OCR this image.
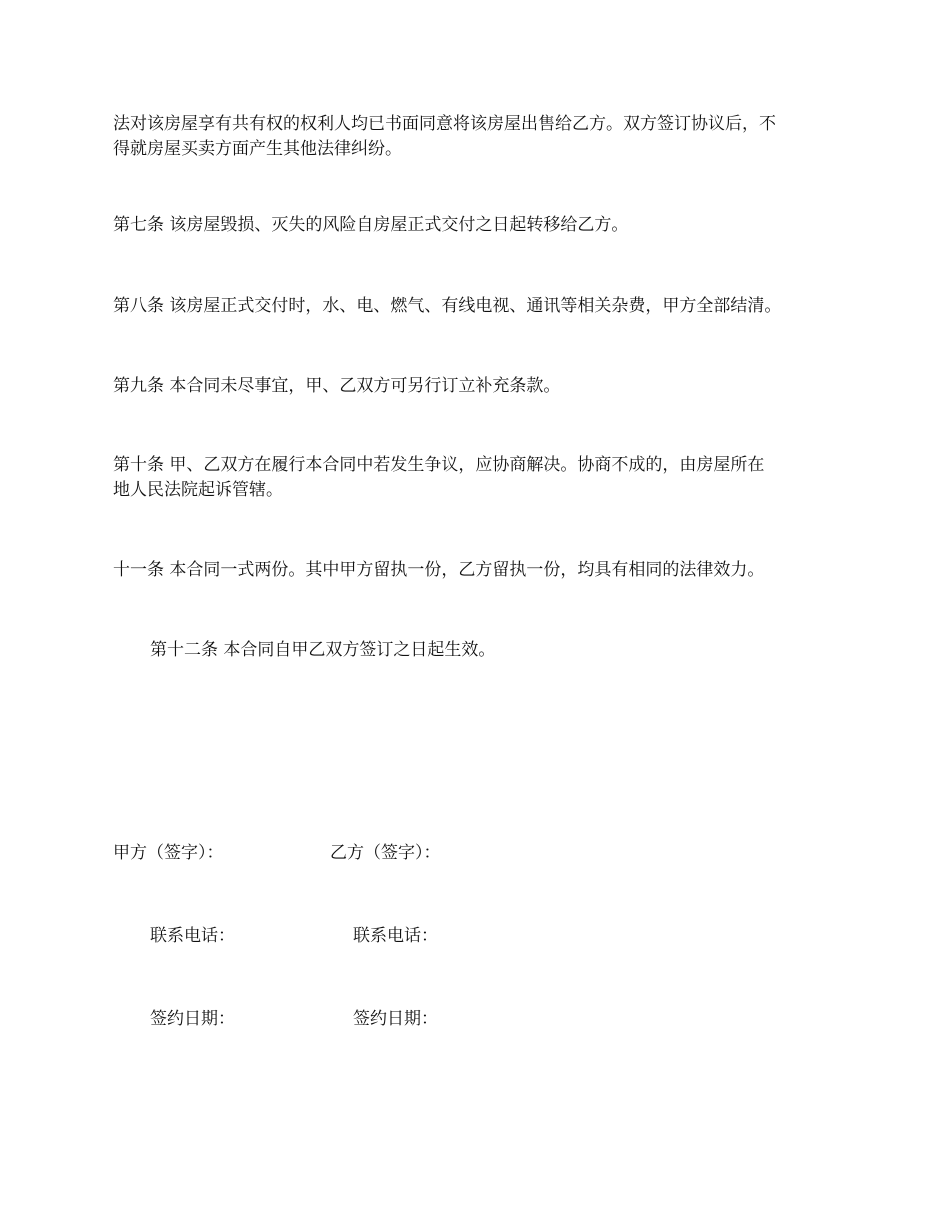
法对该房屋享有共有权的权利人均已书面同意将该房屋出售给乙方。双方签订协议后，不
得就房屋买卖方面产生其他法律纠纷。

第七条 该房屋毁损、灭失的风险自房屋正式交付之日起转移给乙方。

第八条 该房屋正式交付时，水、电、燃气、有线电视、通讯等相关杂费，甲方全部结清。

第九条 本合同未尽事宜，甲、乙双方可另行订立补充条款。

第十条 甲、乙双方在履行本合同中若发生争议，应协商解决。协商不成的，由房屋所在
地人民法院起诉管辖。

十一条 本合同一式两份。其中甲方留执一份，乙方留执一份，均具有相同的法律效力。

第十二条 本合同自甲乙双方签订之日起生效。

甲方（签字）：	乙方（签字）：

联系电话：	联系电话：

签约日期：	签约日期：
